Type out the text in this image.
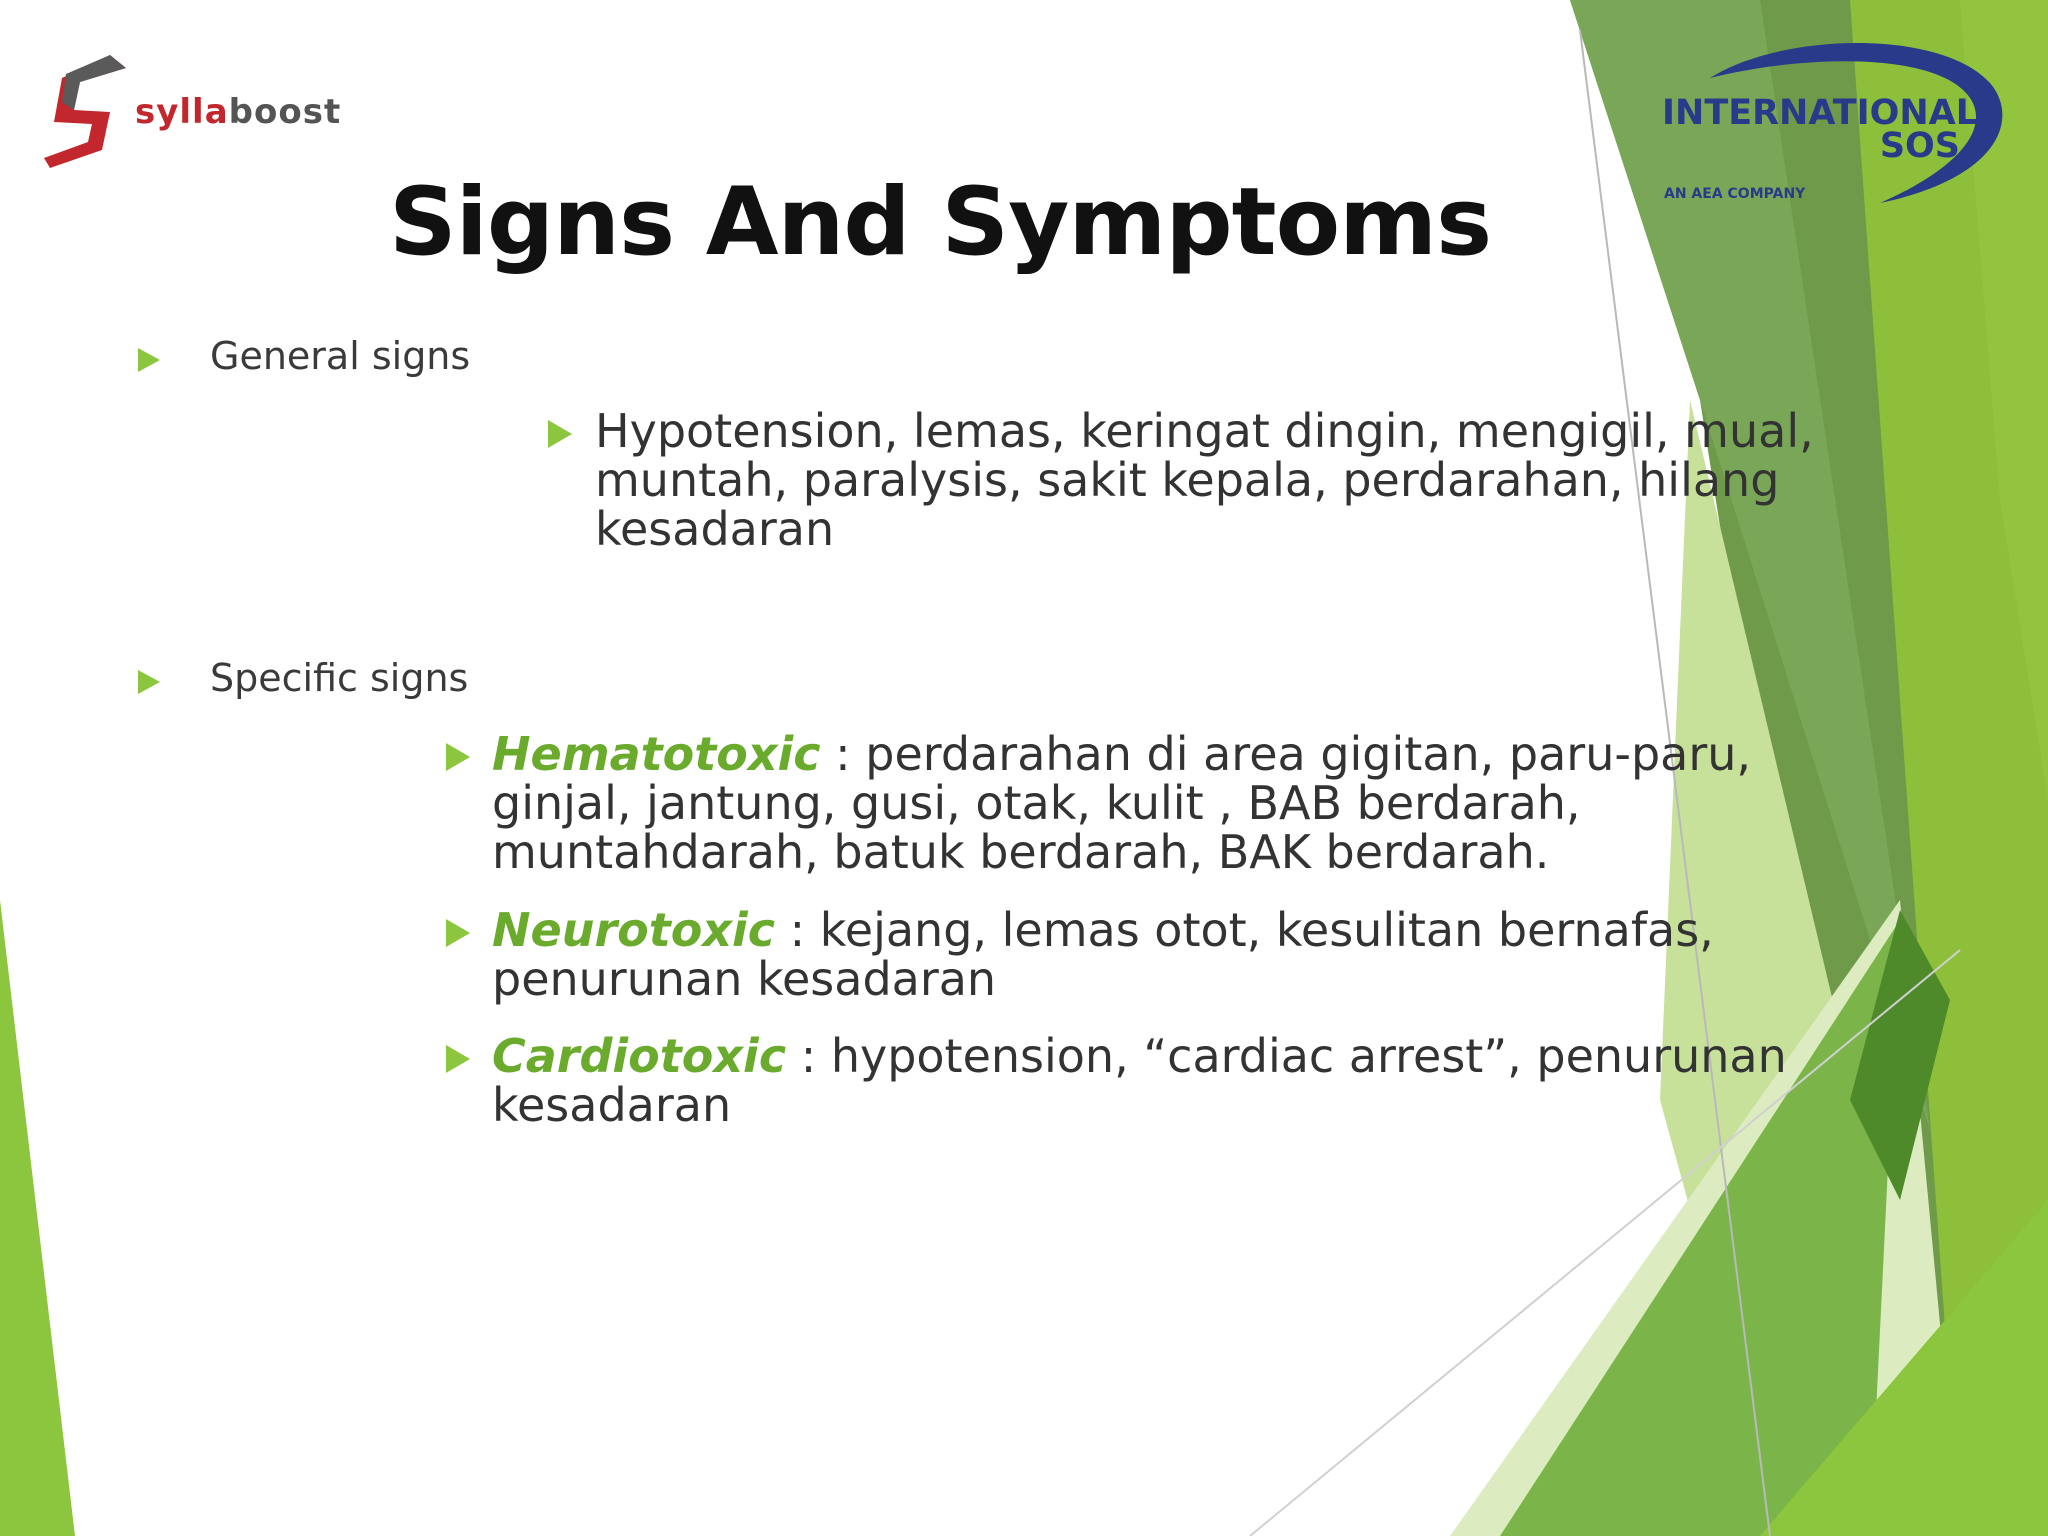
syllaboost	INTERNATIONAL
SOS
AN AEA COMPANY
Signs And Symptoms
General signs
Hypotension, lemas, keringat dingin, mengigil, mual, muntah, paralysis, sakit kepala, perdarahan, hilang kesadaran
Specific signs
Hematotoxic : perdarahan di area gigitan, paru-paru, ginjal, jantung, gusi, otak, kulit , BAB berdarah, muntahdarah, batuk berdarah, BAK berdarah.
Neurotoxic : kejang, lemas otot, kesulitan bernafas, penurunan kesadaran
Cardiotoxic : hypotension, “cardiac arrest”, penurunan kesadaran
